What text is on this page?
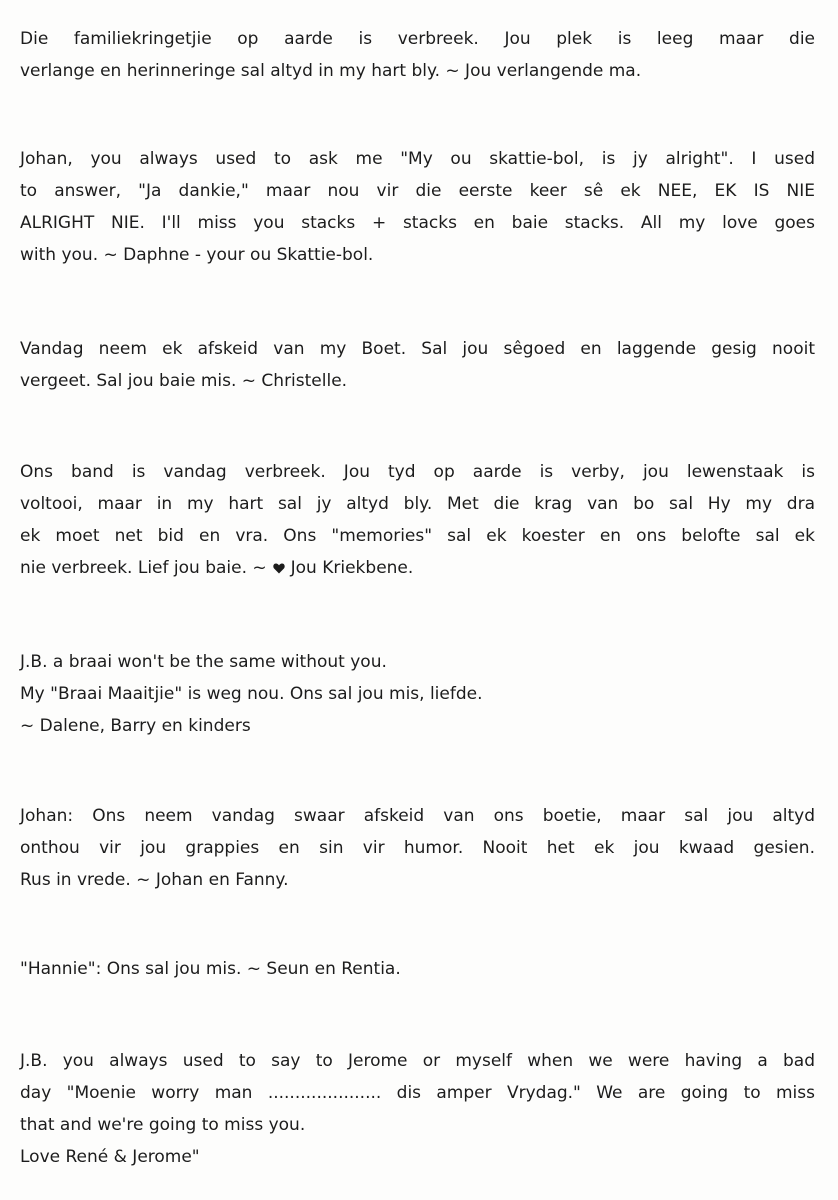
Die familiekringetjie op aarde is verbreek. Jou plek is leeg maar die
verlange en herinneringe sal altyd in my hart bly. ~ Jou verlangende ma.
Johan, you always used to ask me "My ou skattie-bol, is jy alright". I used
to answer, "Ja dankie," maar nou vir die eerste keer sê ek NEE, EK IS NIE
ALRIGHT NIE. I'll miss you stacks + stacks en baie stacks. All my love goes
with you. ~ Daphne - your ou Skattie-bol.
Vandag neem ek afskeid van my Boet. Sal jou sêgoed en laggende gesig nooit
vergeet. Sal jou baie mis. ~ Christelle.
Ons band is vandag verbreek. Jou tyd op aarde is verby, jou lewenstaak is
voltooi, maar in my hart sal jy altyd bly. Met die krag van bo sal Hy my dra
ek moet net bid en vra. Ons "memories" sal ek koester en ons belofte sal ek
nie verbreek. Lief jou baie. ~ Jou Kriekbene.
J.B. a braai won't be the same without you.
My "Braai Maaitjie" is weg nou. Ons sal jou mis, liefde.
~ Dalene, Barry en kinders
Johan: Ons neem vandag swaar afskeid van ons boetie, maar sal jou altyd
onthou vir jou grappies en sin vir humor. Nooit het ek jou kwaad gesien.
Rus in vrede. ~ Johan en Fanny.
"Hannie": Ons sal jou mis. ~ Seun en Rentia.
J.B. you always used to say to Jerome or myself when we were having a bad
day "Moenie worry man ..................... dis amper Vrydag." We are going to miss
that and we're going to miss you.
Love René & Jerome"
